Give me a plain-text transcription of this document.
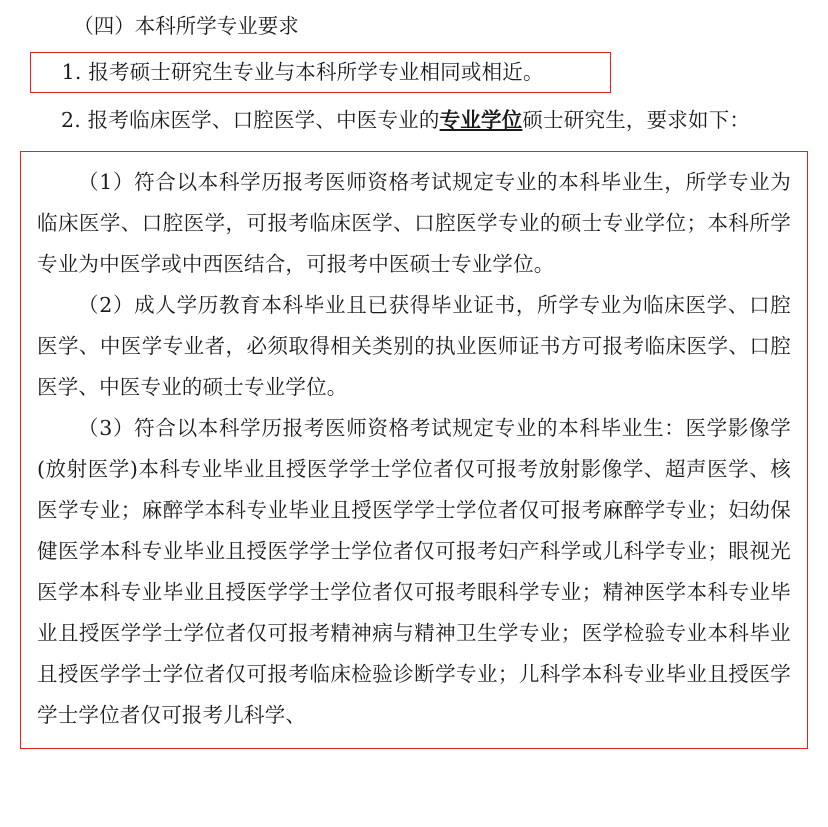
（四）本科所学专业要求
1. 报考硕士研究生专业与本科所学专业相同或相近。

2. 报考临床医学、口腔医学、中医专业的专业学位硕士研究生，要求如下：

（1）符合以本科学历报考医师资格考试规定专业的本科毕业生，所学专业为临床医学、口腔医学，可报考临床医学、口腔医学专业的硕士专业学位；本科所学专业为中医学或中西医结合，可报考中医硕士专业学位。

（2）成人学历教育本科毕业且已获得毕业证书，所学专业为临床医学、口腔医学、中医学专业者，必须取得相关类别的执业医师证书方可报考临床医学、口腔医学、中医专业的硕士专业学位。

（3）符合以本科学历报考医师资格考试规定专业的本科毕业生：医学影像学(放射医学)本科专业毕业且授医学学士学位者仅可报考放射影像学、超声医学、核医学专业；麻醉学本科专业毕业且授医学学士学位者仅可报考麻醉学专业；妇幼保健医学本科专业毕业且授医学学士学位者仅可报考妇产科学或儿科学专业；眼视光医学本科专业毕业且授医学学士学位者仅可报考眼科学专业；精神医学本科专业毕业且授医学学士学位者仅可报考精神病与精神卫生学专业；医学检验专业本科毕业且授医学学士学位者仅可报考临床检验诊断学专业；儿科学本科专业毕业且授医学学士学位者仅可报考儿科学、
